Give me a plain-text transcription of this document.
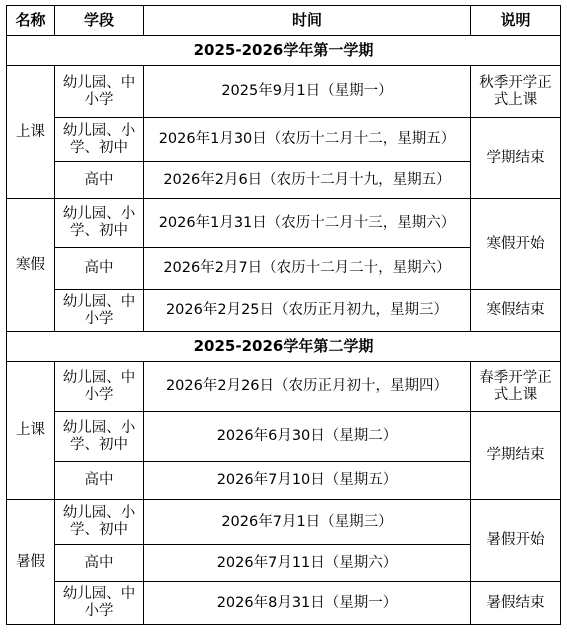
名称	学段	时间	说明
2025-2026学年第一学期			
上课	幼儿园、中小学	2025年9月1日（星期一）	秋季开学正式上课
	幼儿园、小学、初中	2026年1月30日（农历十二月十二，星期五）	学期结束
	高中	2026年2月6日（农历十二月十九，星期五）	
寒假	幼儿园、小学、初中	2026年1月31日（农历十二月十三，星期六）	寒假开始
	高中	2026年2月7日（农历十二月二十，星期六）	
	幼儿园、中小学	2026年2月25日（农历正月初九，星期三）	寒假结束
2025-2026学年第二学期			
上课	幼儿园、中小学	2026年2月26日（农历正月初十，星期四）	春季开学正式上课
	幼儿园、小学、初中	2026年6月30日（星期二）	学期结束
	高中	2026年7月10日（星期五）	
暑假	幼儿园、小学、初中	2026年7月1日（星期三）	暑假开始
	高中	2026年7月11日（星期六）	
	幼儿园、中小学	2026年8月31日（星期一）	暑假结束
